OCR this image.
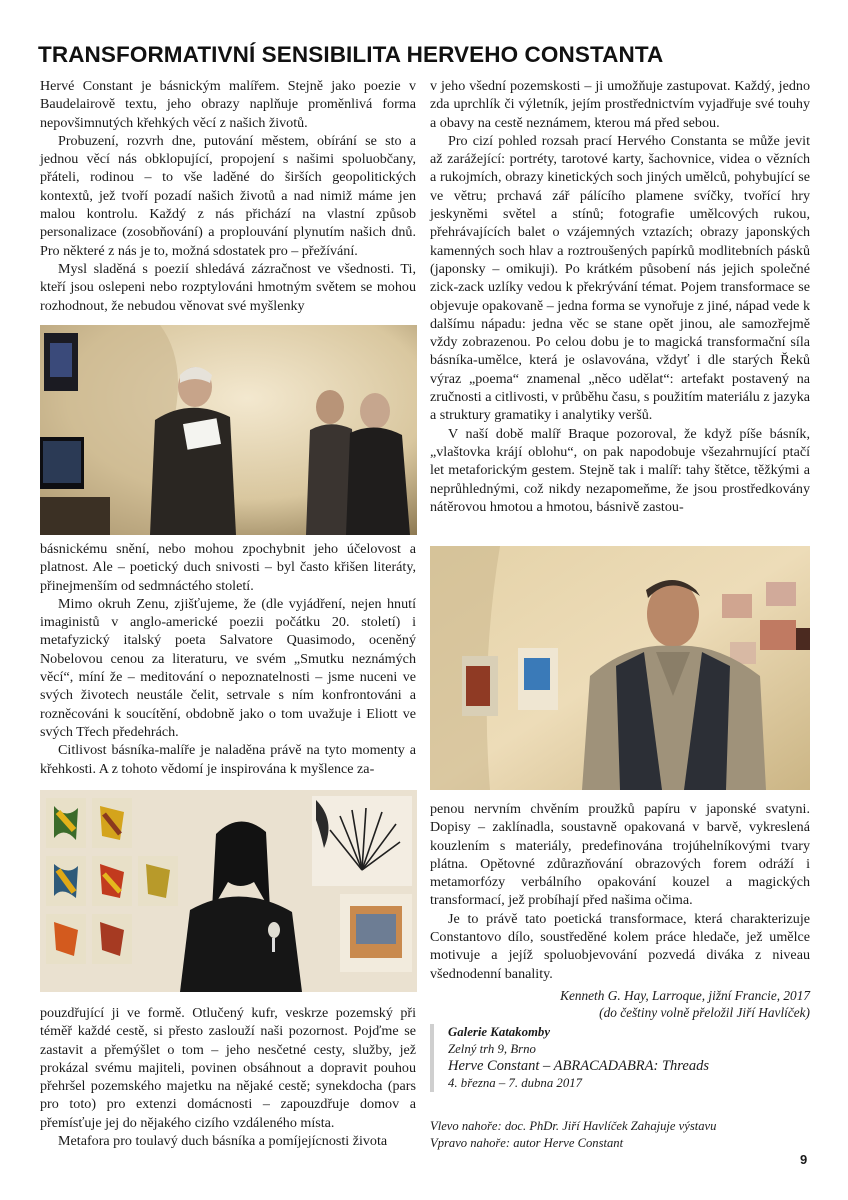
TRANSFORMATIVNÍ SENSIBILITA HERVEHO CONSTANTA

Hervé Constant je básnickým malířem. Stejně jako poezie v Baudelairově textu, jeho obrazy naplňuje proměnlivá forma nepovšimnutých křehkých věcí z našich životů.

Probuzení, rozvrh dne, putování městem, obírání se sto a jednou věcí nás obklopující, propojení s našimi spoluobčany, přáteli, rodinou – to vše laděné do širších geopolitických kontextů, jež tvoří pozadí našich životů a nad nimiž máme jen malou kontrolu. Každý z nás přichází na vlastní způsob personalizace (zosobňování) a proplouvání plynutím našich dnů. Pro některé z nás je to, možná sdostatek pro – přežívání.

Mysl sladěná s poezií shledává zázračnost ve všednosti. Ti, kteří jsou oslepeni nebo rozptylováni hmotným světem se mohou rozhodnout, že nebudou věnovat své myšlenky

básnickému snění, nebo mohou zpochybnit jeho účelovost a platnost. Ale – poetický duch snivosti – byl často křišen literáty, přinejmenším od sedmnáctého století.

Mimo okruh Zenu, zjišťujeme, že (dle vyjádření, nejen hnutí imaginistů v anglo-americké poezii počátku 20. století) i metafyzický italský poeta Salvatore Quasimodo, oceněný Nobelovou cenou za literaturu, ve svém „Smutku neznámých věcí“, míní že – meditování o nepoznatelnosti – jsme nuceni ve svých životech neustále čelit, setrvale s ním konfrontováni a rozněcováni k soucítění, obdobně jako o tom uvažuje i Eliott ve svých Třech předehrách.

Citlivost básníka-malíře je naladěna právě na tyto momenty a křehkosti. A z tohoto vědomí je inspirována k myšlence za-

pouzdřující ji ve formě. Otlučený kufr, veskrze pozemský při téměř každé cestě, si přesto zaslouží naši pozornost. Pojďme se zastavit a přemýšlet o tom – jeho nesčetné cesty, služby, jež prokázal svému majiteli, povinen obsáhnout a dopravit pouhou přehršel pozemského majetku na nějaké cestě; synekdocha (pars pro toto) pro extenzi domácnosti – zapouzdřuje domov a přemísťuje jej do nějakého cizího vzdáleného místa.

Metafora pro toulavý duch básníka a pomíjejícnosti života

v jeho všední pozemskosti – ji umožňuje zastupovat. Každý, jedno zda uprchlík či výletník, jejím prostřednictvím vyjadřuje své touhy a obavy na cestě neznámem, kterou má před sebou.

Pro cizí pohled rozsah prací Hervého Constanta se může jevit až zarážející: portréty, tarotové karty, šachovnice, videa o vězních a rukojmích, obrazy kinetických soch jiných umělců, pohybující se ve větru; prchavá zář pálícího plamene svíčky, tvořící hry jeskyněmi světel a stínů; fotografie umělcových rukou, přehrávajících balet o vzájemných vztazích; obrazy japonských kamenných soch hlav a roztroušených papírků modlitebních pásků (japonsky – omikuji). Po krátkém působení nás jejich společné zick-zack uzlíky vedou k překrývání témat. Pojem transformace se objevuje opakovaně – jedna forma se vynořuje z jiné, nápad vede k dalšímu nápadu: jedna věc se stane opět jinou, ale samozřejmě vždy zobrazenou. Po celou dobu je to magická transformační síla básníka-umělce, která je oslavována, vždyť i dle starých Řeků výraz „poema“ znamenal „něco udělat“: artefakt postavený na zručnosti a citlivosti, v průběhu času, s použitím materiálu z jazyka a struktury gramatiky i analytiky veršů.

V naší době malíř Braque pozoroval, že když píše básník, „vlaštovka krájí oblohu“, on pak napodobuje všezahrnující ptačí let metaforickým gestem. Stejně tak i malíř: tahy štětce, těžkými a neprůhlednými, což nikdy nezapomeňme, že jsou prostředkovány nátěrovou hmotou a hmotou, básnivě zastou-

penou nervním chvěním proužků papíru v japonské svatyni. Dopisy – zaklínadla, soustavně opakovaná v barvě, vykreslená kouzlením s materiály, predefinována trojúhelníkovými tvary plátna. Opětovné zdůrazňování obrazových forem odráží i metamorfózy verbálního opakování kouzel a magických transformací, jež probíhají před našima očima.

Je to právě tato poetická transformace, která charakterizuje Constantovo dílo, soustředěné kolem práce hledače, jež umělce motivuje a jejíž spoluobjevování pozvedá diváka z niveau všednodenní banality.

Kenneth G. Hay, Larroque, jižní Francie, 2017
(do češtiny volně přeložil Jiří Havlíček)
Galerie Katakomby
Zelný trh 9, Brno
Herve Constant – ABRACADABRA: Threads
4. března – 7. dubna 2017
Vlevo nahoře: doc. PhDr. Jiří Havlíček Zahajuje výstavu
Vpravo nahoře: autor Herve Constant
9
